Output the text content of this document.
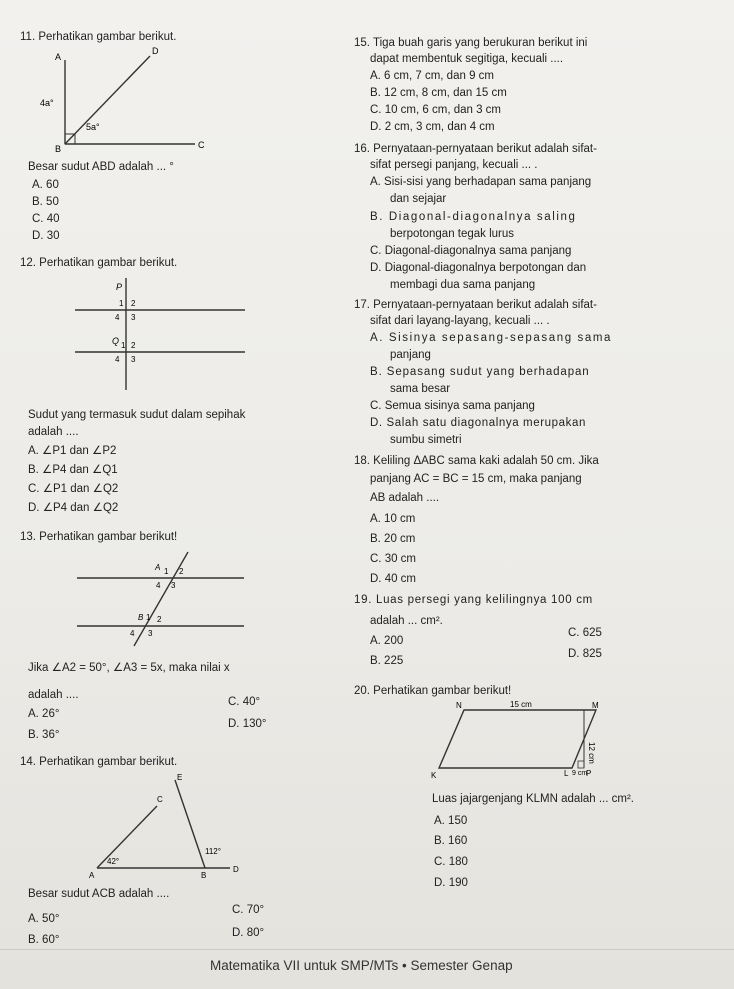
11. Perhatikan gambar berikut.
A
B	C
D
4a°
5a°
Besar sudut ABD adalah ... °
A. 60
B. 50
C. 40
D. 30
12. Perhatikan gambar berikut.
P
1 2
3
4
Q 1 2
3
4
Sudut yang termasuk sudut dalam sepihak
adalah ....
A. ∠P1 dan ∠P2
B. ∠P4 dan ∠Q1
C. ∠P1 dan ∠Q2
D. ∠P4 dan ∠Q2
13. Perhatikan gambar berikut!
A 1 2
3
4
B 1 2
3
4
Jika ∠A2 = 50°, ∠A3 = 5x, maka nilai x
adalah ....
A. 26°
B. 36°
C. 40°
D. 130°
14. Perhatikan gambar berikut.
A	B
C
D
E
42°
112°
Besar sudut ACB adalah ....
A. 50°
B. 60°
C. 70°
D. 80°
15. Tiga buah garis yang berukuran berikut ini
dapat membentuk segitiga, kecuali ....
A. 6 cm, 7 cm, dan 9 cm
B. 12 cm, 8 cm, dan 15 cm
C. 10 cm, 6 cm, dan 3 cm
D. 2 cm, 3 cm, dan 4 cm
16. Pernyataan-pernyataan berikut adalah sifat-
sifat persegi panjang, kecuali ... .
A. Sisi-sisi yang berhadapan sama panjang
dan sejajar
B. Diagonal-diagonalnya saling
berpotongan tegak lurus
C. Diagonal-diagonalnya sama panjang
D. Diagonal-diagonalnya berpotongan dan
membagi dua sama panjang
17. Pernyataan-pernyataan berikut adalah sifat-
sifat dari layang-layang, kecuali ... .
A. Sisinya sepasang-sepasang sama
panjang
B. Sepasang sudut yang berhadapan
sama besar
C. Semua sisinya sama panjang
D. Salah satu diagonalnya merupakan
sumbu simetri
18. Keliling ΔABC sama kaki adalah 50 cm. Jika
panjang AC = BC = 15 cm, maka panjang
AB adalah ....
A. 10 cm
B. 20 cm
C. 30 cm
D. 40 cm
19. Luas persegi yang kelilingnya 100 cm
adalah ... cm².
A. 200
B. 225
C. 625
D. 825
20. Perhatikan gambar berikut!
N	M
K	L P
15 cm
12 cm
9 cm
Luas jajargenjang KLMN adalah ... cm².
A. 150
B. 160
C. 180
D. 190
Matematika VII untuk SMP/MTs • Semester Genap
